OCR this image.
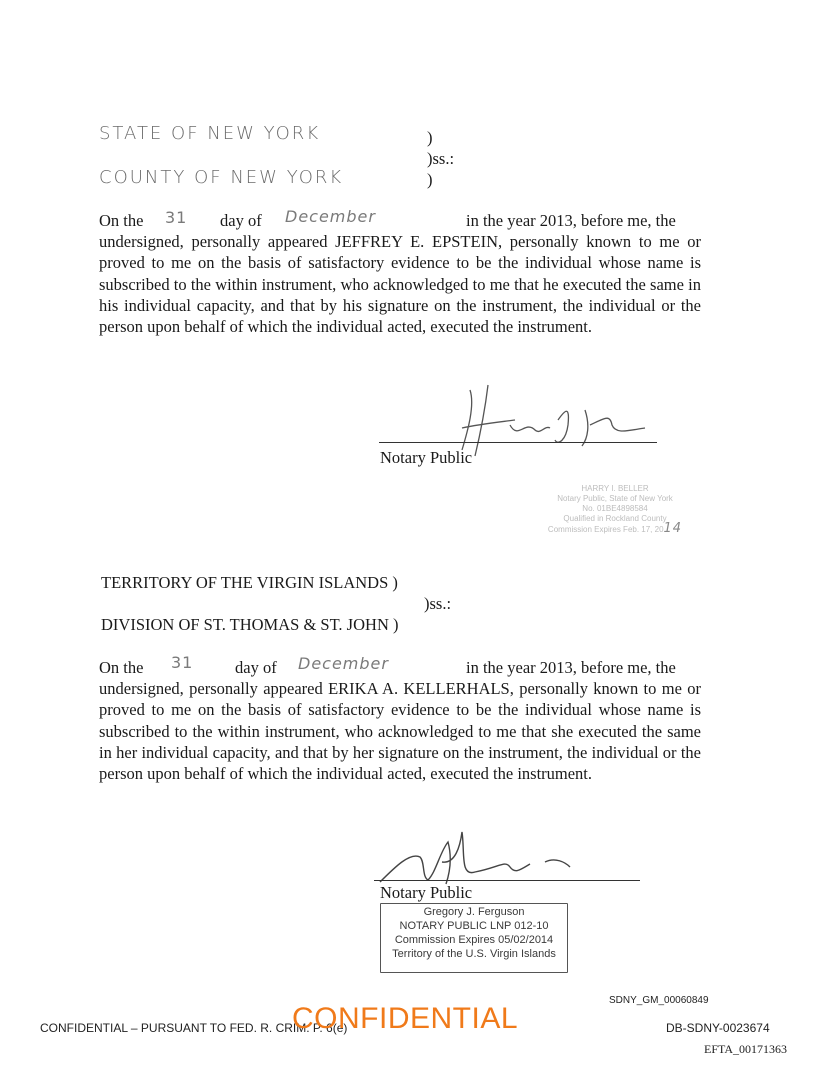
STATE OF NEW YORK
COUNTY OF NEW YORK
)
)ss.:
)
On the 31 day of December	in the year 2013, before me, the
undersigned, personally appeared JEFFREY E. EPSTEIN, personally known to me or proved to me on the basis of satisfactory evidence to be the individual whose name is subscribed to the within instrument, who acknowledged to me that he executed the same in his individual capacity, and that by his signature on the instrument, the individual or the person upon behalf of which the individual acted, executed the instrument.
Notary Public
HARRY I. BELLER
Notary Public, State of New York
No. 01BE4898584
Qualified in Rockland County
Commission Expires Feb. 17, 2014
TERRITORY OF THE VIRGIN ISLANDS )
)ss.:
DIVISION OF ST. THOMAS & ST. JOHN )
On the 31	day of December	in the year 2013, before me, the
undersigned, personally appeared ERIKA A. KELLERHALS, personally known to me or proved to me on the basis of satisfactory evidence to be the individual whose name is subscribed to the within instrument, who acknowledged to me that she executed the same in her individual capacity, and that by her signature on the instrument, the individual or the person upon behalf of which the individual acted, executed the instrument.
Notary Public
Gregory J. Ferguson
NOTARY PUBLIC LNP 012-10
Commission Expires 05/02/2014
Territory of the U.S. Virgin Islands
SDNY_GM_00060849
CONFIDENTIAL – PURSUANT TO FED. R. CRIM. P. 6(e)
CONFIDENTIAL	DB-SDNY-0023674
EFTA_00171363
